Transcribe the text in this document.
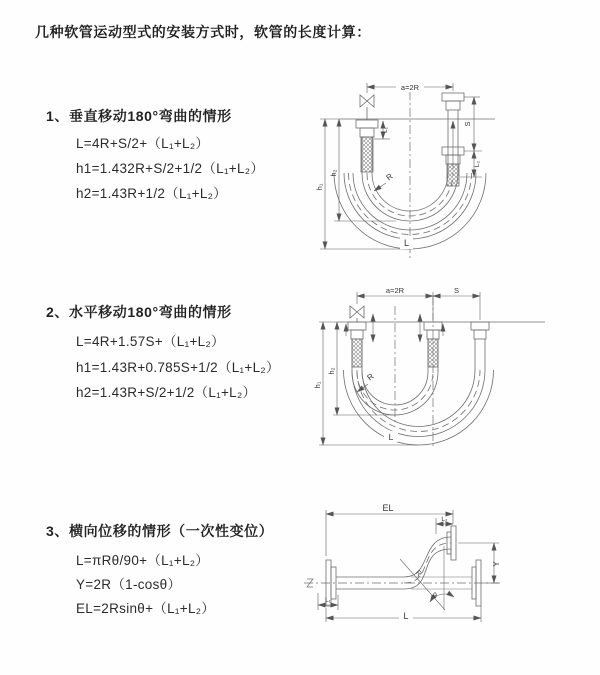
几种软管运动型式的安装方式时，软管的长度计算：
1、垂直移动180°弯曲的情形
L=4R+S/2+（L₁+L₂）
h1=1.432R+S/2+1/2（L₁+L₂）
h2=1.43R+1/2（L₁+L₂）
2、水平移动180°弯曲的情形
L=4R+1.57S+（L₁+L₂）
h1=1.43R+0.785S+1/2（L₁+L₂）
h2=1.43R+S/2+1/2（L₁+L₂）
3、横向位移的情形（一次性变位）
L=πRθ/90+（L₁+L₂）
Y=2R（1-cosθ）
EL=2Rsinθ+（L₁+L₂）
a=2R
S
L₂
h₁
h₂
L₁
R
L
a=2R	S
h₁
h₂
R
L
EL
L₂
Y
R
θ
L
L₁
